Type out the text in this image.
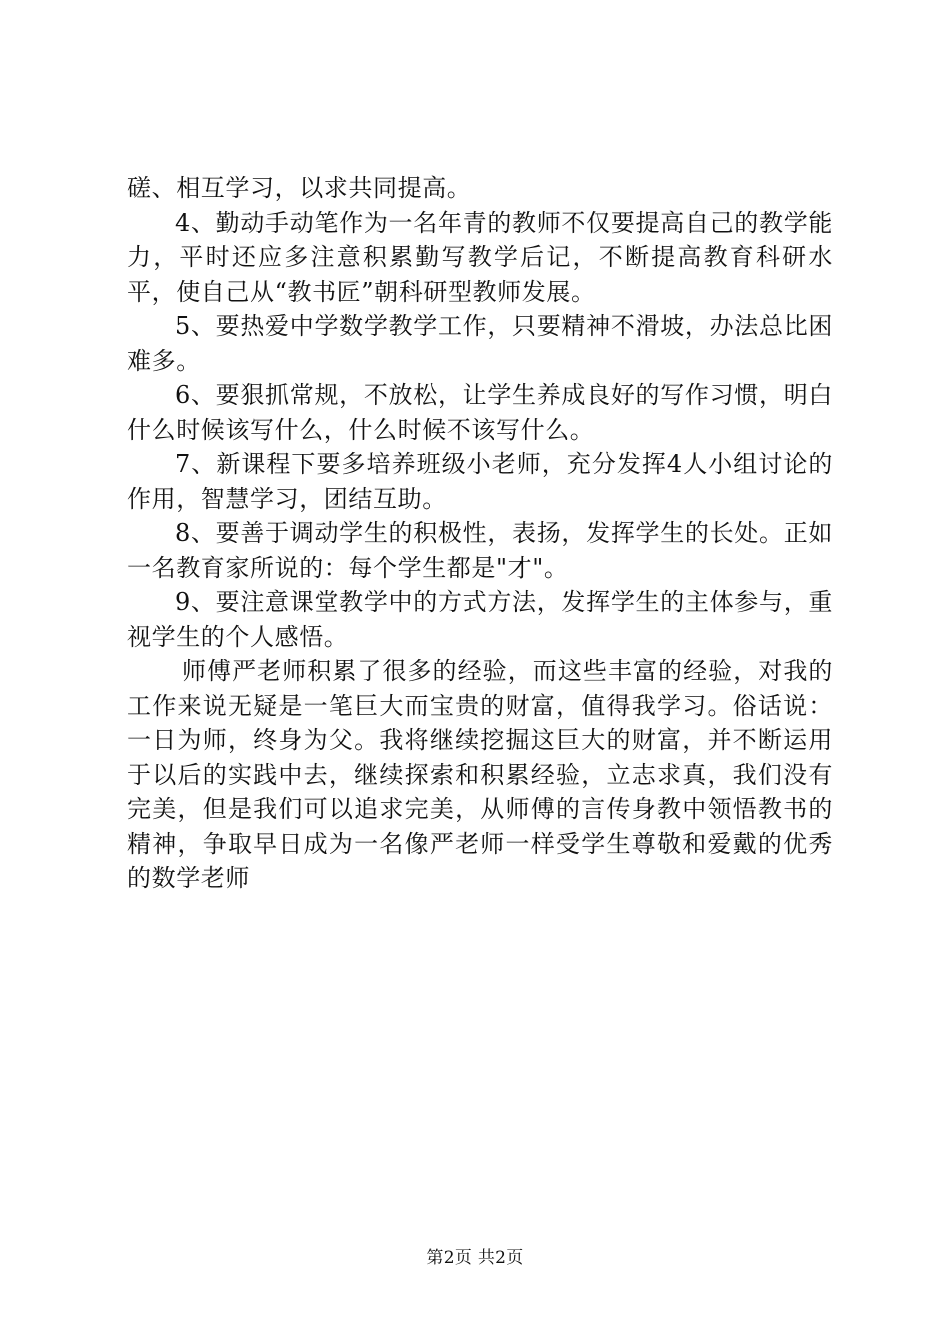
磋、相互学习，以求共同提高。

4、勤动手动笔作为一名年青的教师不仅要提高自己的教学能力，平时还应多注意积累勤写教学后记，不断提高教育科研水平，使自己从“教书匠”朝科研型教师发展。

5、要热爱中学数学教学工作，只要精神不滑坡，办法总比困难多。

6、要狠抓常规，不放松，让学生养成良好的写作习惯，明白什么时候该写什么，什么时候不该写什么。

7、新课程下要多培养班级小老师，充分发挥4人小组讨论的作用，智慧学习，团结互助。

8、要善于调动学生的积极性，表扬，发挥学生的长处。正如一名教育家所说的：每个学生都是"才"。

9、要注意课堂教学中的方式方法，发挥学生的主体参与，重视学生的个人感悟。

师傅严老师积累了很多的经验，而这些丰富的经验，对我的工作来说无疑是一笔巨大而宝贵的财富，值得我学习。俗话说：一日为师，终身为父。我将继续挖掘这巨大的财富，并不断运用于以后的实践中去，继续探索和积累经验，立志求真，我们没有完美，但是我们可以追求完美，从师傅的言传身教中领悟教书的精神，争取早日成为一名像严老师一样受学生尊敬和爱戴的优秀的数学老师

第2页 共2页
